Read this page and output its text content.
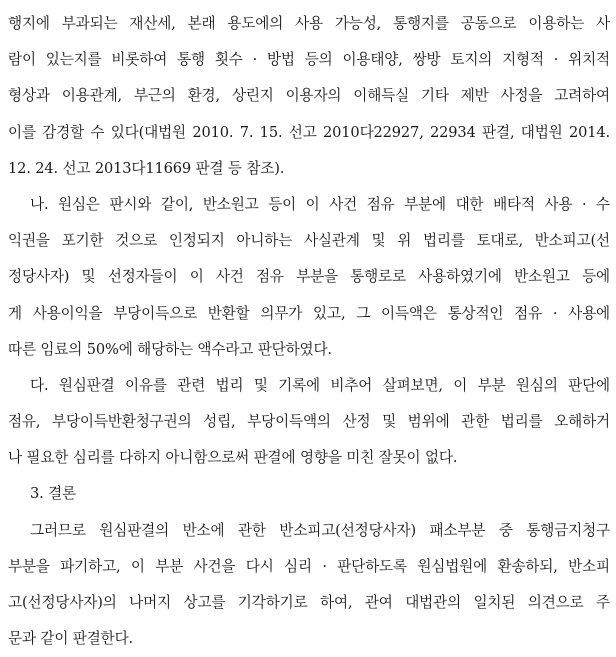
행지에 부과되는 재산세, 본래 용도에의 사용 가능성, 통행지를 공동으로 이용하는 사
람이 있는지를 비롯하여 통행 횟수 · 방법 등의 이용태양, 쌍방 토지의 지형적 · 위치적
형상과 이용관계, 부근의 환경, 상린지 이용자의 이해득실 기타 제반 사정을 고려하여
이를 감경할 수 있다(대법원 2010. 7. 15. 선고 2010다22927, 22934 판결, 대법원 2014.
12. 24. 선고 2013다11669 판결 등 참조).
나. 원심은 판시와 같이, 반소원고 등이 이 사건 점유 부분에 대한 배타적 사용 · 수
익권을 포기한 것으로 인정되지 아니하는 사실관계 및 위 법리를 토대로, 반소피고(선
정당사자) 및 선정자들이 이 사건 점유 부분을 통행로로 사용하였기에 반소원고 등에
게 사용이익을 부당이득으로 반환할 의무가 있고, 그 이득액은 통상적인 점유 · 사용에
따른 임료의 50%에 해당하는 액수라고 판단하였다.
다. 원심판결 이유를 관련 법리 및 기록에 비추어 살펴보면, 이 부분 원심의 판단에
점유, 부당이득반환청구권의 성립, 부당이득액의 산정 및 범위에 관한 법리를 오해하거
나 필요한 심리를 다하지 아니함으로써 판결에 영향을 미친 잘못이 없다.
3. 결론
그러므로 원심판결의 반소에 관한 반소피고(선정당사자) 패소부분 중 통행금지청구
부분을 파기하고, 이 부분 사건을 다시 심리 · 판단하도록 원심법원에 환송하되, 반소피
고(선정당사자)의 나머지 상고를 기각하기로 하여, 관여 대법관의 일치된 의견으로 주
문과 같이 판결한다.
